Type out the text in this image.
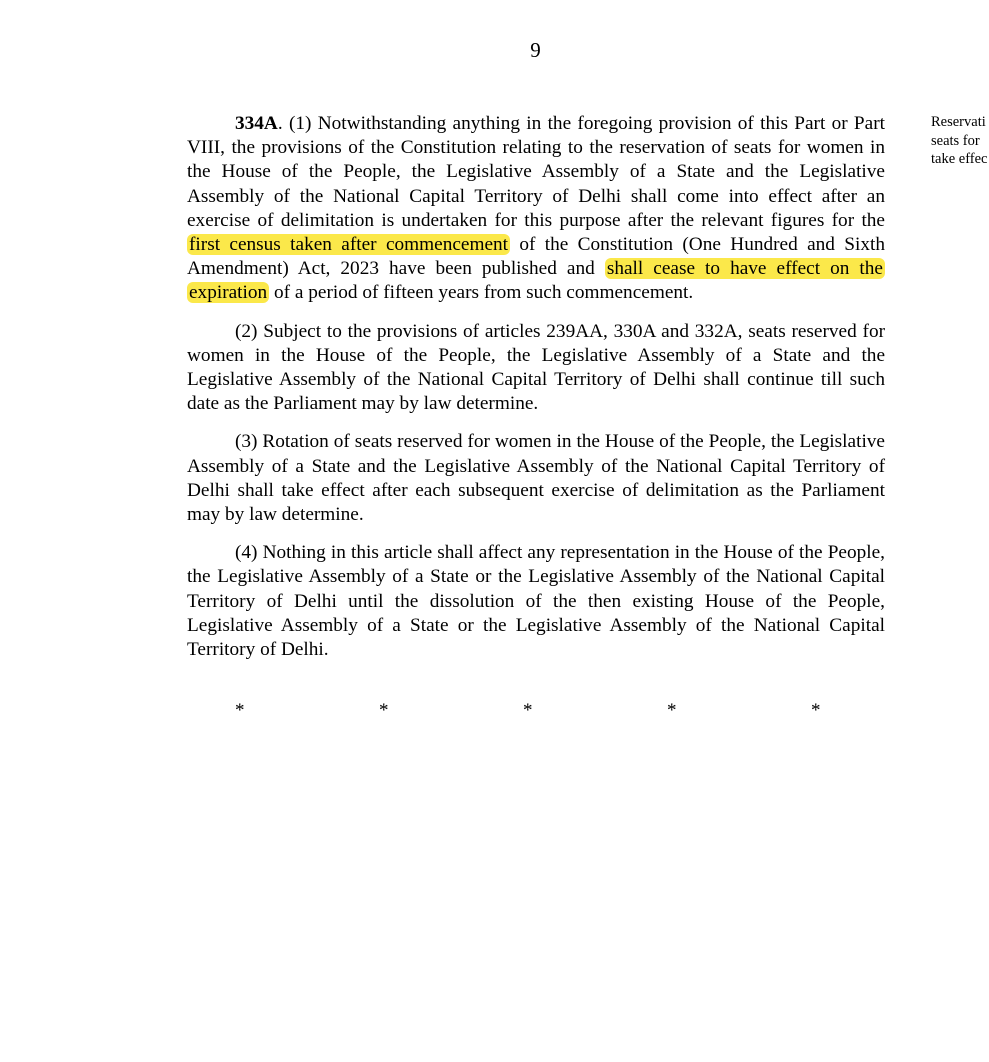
9

334A. (1) Notwithstanding anything in the foregoing provision of this Part or Part VIII, the provisions of the Constitution relating to the reservation of seats for women in the House of the People, the Legislative Assembly of a State and the Legislative Assembly of the National Capital Territory of Delhi shall come into effect after an exercise of delimitation is undertaken for this purpose after the relevant figures for the first census taken after commencement of the Constitution (One Hundred and Sixth Amendment) Act, 2023 have been published and shall cease to have effect on the expiration of a period of fifteen years from such commencement.

(2) Subject to the provisions of articles 239AA, 330A and 332A, seats reserved for women in the House of the People, the Legislative Assembly of a State and the Legislative Assembly of the National Capital Territory of Delhi shall continue till such date as the Parliament may by law determine.

(3) Rotation of seats reserved for women in the House of the People, the Legislative Assembly of a State and the Legislative Assembly of the National Capital Territory of Delhi shall take effect after each subsequent exercise of delimitation as the Parliament may by law determine.

(4) Nothing in this article shall affect any representation in the House of the People, the Legislative Assembly of a State or the Legislative Assembly of the National Capital Territory of Delhi until the dissolution of the then existing House of the People, Legislative Assembly of a State or the Legislative Assembly of the National Capital Territory of Delhi.

Reservati
seats for
take effec
*	*	*	*	*
